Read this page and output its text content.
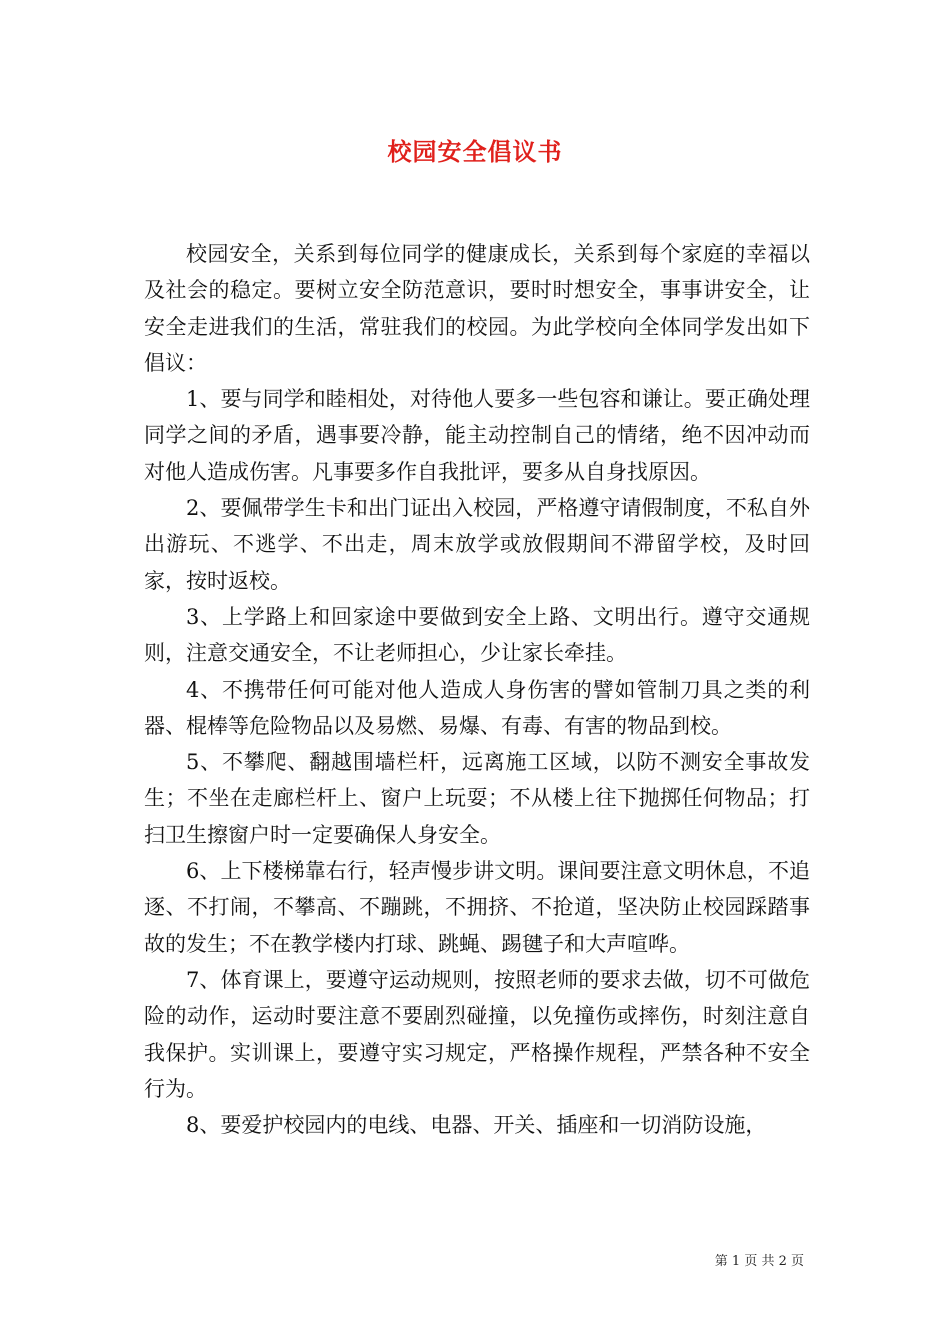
校园安全倡议书

校园安全，关系到每位同学的健康成长，关系到每个家庭的幸福以及社会的稳定。要树立安全防范意识，要时时想安全，事事讲安全，让安全走进我们的生活，常驻我们的校园。为此学校向全体同学发出如下倡议：

1、要与同学和睦相处，对待他人要多一些包容和谦让。要正确处理同学之间的矛盾，遇事要冷静，能主动控制自己的情绪，绝不因冲动而对他人造成伤害。凡事要多作自我批评，要多从自身找原因。

2、要佩带学生卡和出门证出入校园，严格遵守请假制度，不私自外出游玩、不逃学、不出走，周末放学或放假期间不滞留学校，及时回家，按时返校。

3、上学路上和回家途中要做到安全上路、文明出行。遵守交通规则，注意交通安全，不让老师担心，少让家长牵挂。

4、不携带任何可能对他人造成人身伤害的譬如管制刀具之类的利器、棍棒等危险物品以及易燃、易爆、有毒、有害的物品到校。

5、不攀爬、翻越围墙栏杆，远离施工区域，以防不测安全事故发生；不坐在走廊栏杆上、窗户上玩耍；不从楼上往下抛掷任何物品；打扫卫生擦窗户时一定要确保人身安全。

6、上下楼梯靠右行，轻声慢步讲文明。课间要注意文明休息，不追逐、不打闹，不攀高、不蹦跳，不拥挤、不抢道，坚决防止校园踩踏事故的发生；不在教学楼内打球、跳蝇、踢毽子和大声喧哗。

7、体育课上，要遵守运动规则，按照老师的要求去做，切不可做危险的动作，运动时要注意不要剧烈碰撞，以免撞伤或摔伤，时刻注意自我保护。实训课上，要遵守实习规定，严格操作规程，严禁各种不安全行为。

8、要爱护校园内的电线、电器、开关、插座和一切消防设施，

第 1 页 共 2 页
